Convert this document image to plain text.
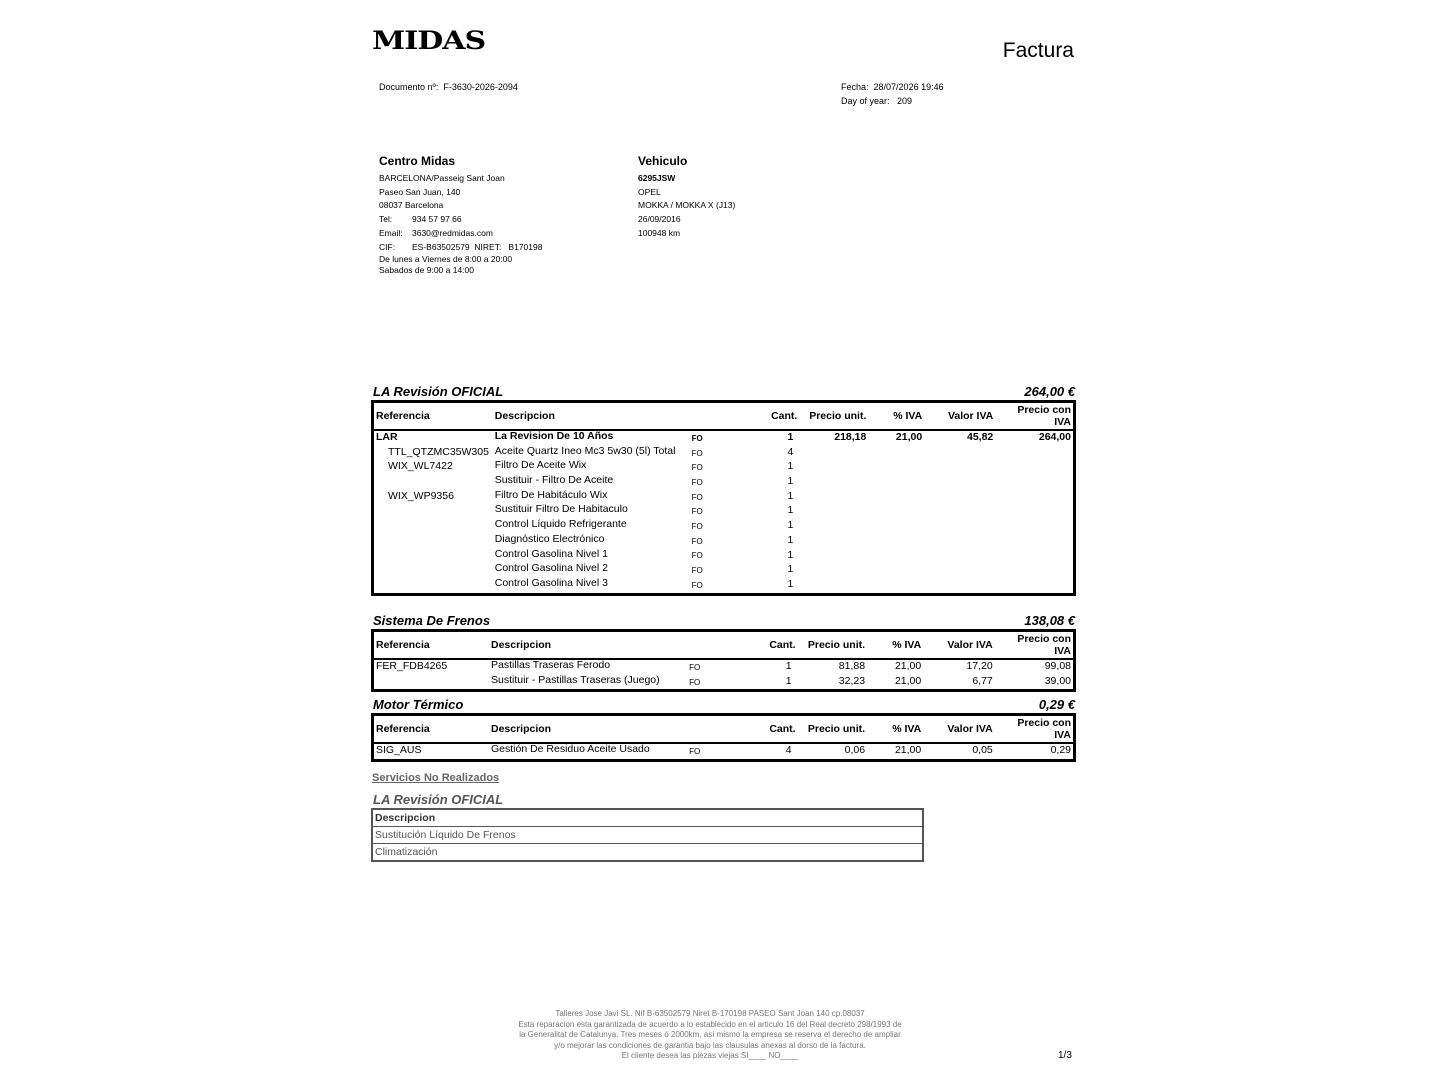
MIDAS	Factura
Documento nº: F-3630-2026-2094	Fecha: 28/07/2026 19:46
Day of year: 209
Centro Midas
BARCELONA/Passeig Sant Joan
Paseo San Juan, 140
08037 Barcelona
Tel: 934 57 97 66
Email: 3630@redmidas.com
CIF: ES-B63502579 NIRET: B170198
De lunes a Viernes de 8:00 a 20:00
Sabados de 9:00 a 14:00
Vehiculo
6295JSW
OPEL
MOKKA / MOKKA X (J13)
26/09/2016
100948 km
LA Revisión OFICIAL	264,00 €
Referencia	Descripcion		Cant.	Precio unit.	% IVA	Valor IVA	Precio con
IVA
LAR	La Revision De 10 Años	FO	1	218,18	21,00	45,82	264,00
TTL_QTZMC35W305	Aceite Quartz Ineo Mc3 5w30 (5l) Total	FO	4				
WIX_WL7422	Filtro De Aceite Wix	FO	1				
	Sustituir - Filtro De Aceite	FO	1				
WIX_WP9356	Filtro De Habitáculo Wix	FO	1				
	Sustituir Filtro De Habitaculo	FO	1				
	Control Líquido Refrigerante	FO	1				
	Diagnóstico Electrónico	FO	1				
	Control Gasolina Nivel 1	FO	1				
	Control Gasolina Nivel 2	FO	1				
	Control Gasolina Nivel 3	FO	1				
Sistema De Frenos	138,08 €
Referencia	Descripcion		Cant.	Precio unit.	% IVA	Valor IVA	Precio con
IVA
FER_FDB4265	Pastillas Traseras Ferodo	FO	1	81,88	21,00	17,20	99,08
	Sustituir - Pastillas Traseras (Juego)	FO	1	32,23	21,00	6,77	39,00
Motor Térmico	0,29 €
Referencia	Descripcion		Cant.	Precio unit.	% IVA	Valor IVA	Precio con
IVA
SIG_AUS	Gestión De Residuo Aceite Usado	FO	4	0,06	21,00	0,05	0,29
Servicios No Realizados
LA Revisión OFICIAL
Descripcion
Sustitución Líquido De Frenos
Climatización
Talleres Jose Javi SL. Nif B-63502579 Niret B-170198 PASEO Sant Joan 140 cp.08037
Esta reparacion esta garantizada de acuerdo a lo establecido en el articulo 16 del Real decreto 298/1993 de
la Generalitat de Catalunya, Tres meses ó 2000km, así mismo la empresa se reserva el derecho de ampliar
y/o mejorar las condiciones de garantia bajo las clausulas anexas al dorso de la factura.
El cliente desea las piezas viejas SI____ NO____	1/3
